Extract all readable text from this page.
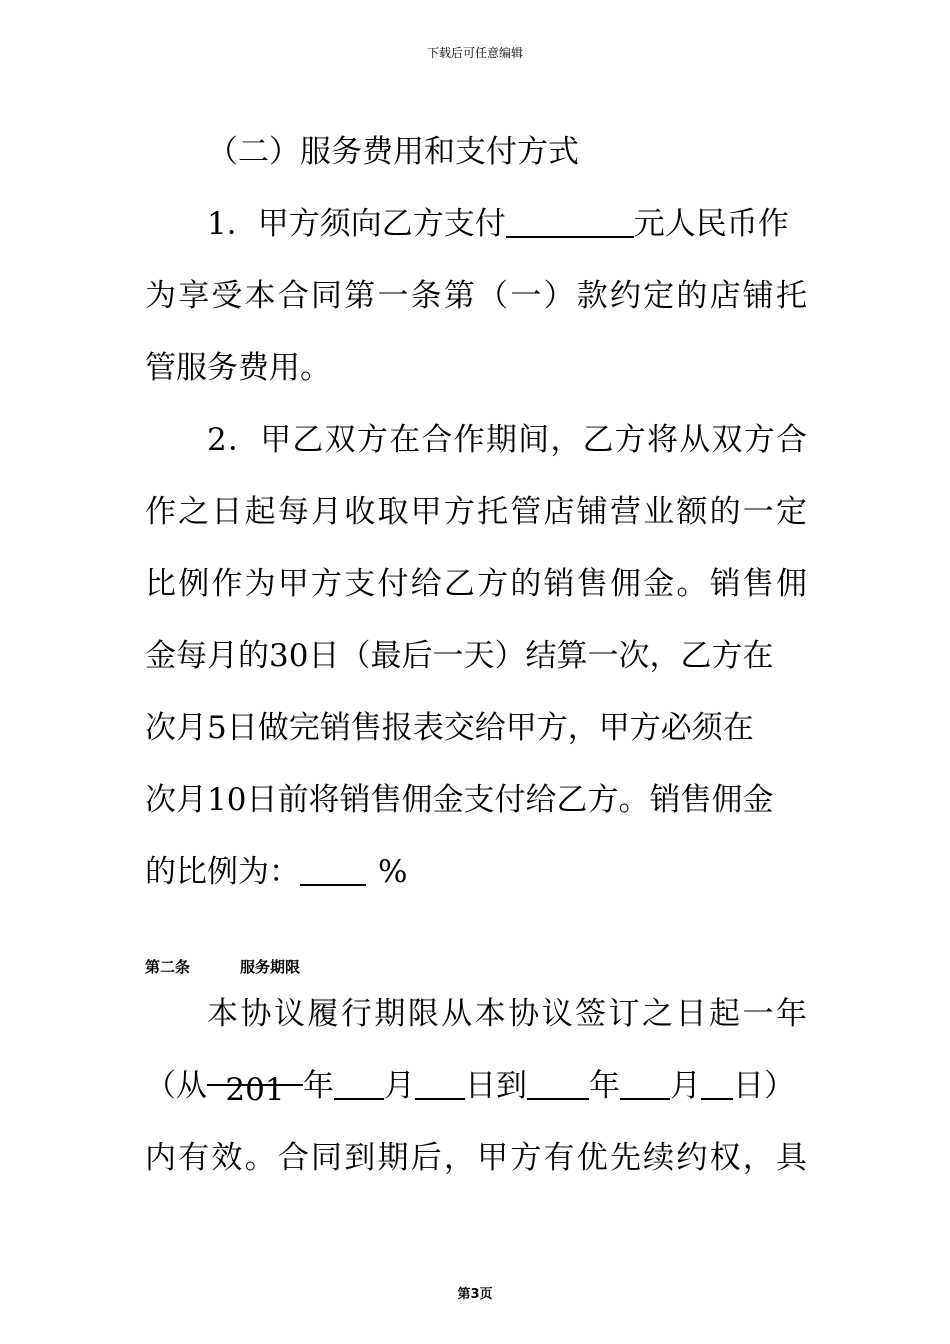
下载后可任意编辑
（二）服务费用和支付方式
1．甲方须向乙方支付	元人民币作
为享受本合同第一条第（一）款约定的店铺托
管服务费用。
2．甲乙双方在合作期间，乙方将从双方合
作之日起每月收取甲方托管店铺营业额的一定
比例作为甲方支付给乙方的销售佣金。销售佣
金每月的30日（最后一天）结算一次，乙方在
次月5日做完销售报表交给甲方，甲方必须在
次月10日前将销售佣金支付给乙方。销售佣金
的比例为：	%
第二条	服务期限
本协议履行期限从本协议签订之日起一年
（从 201 年 月 日到 年 月 日）
内有效。合同到期后，甲方有优先续约权，具
第3页
